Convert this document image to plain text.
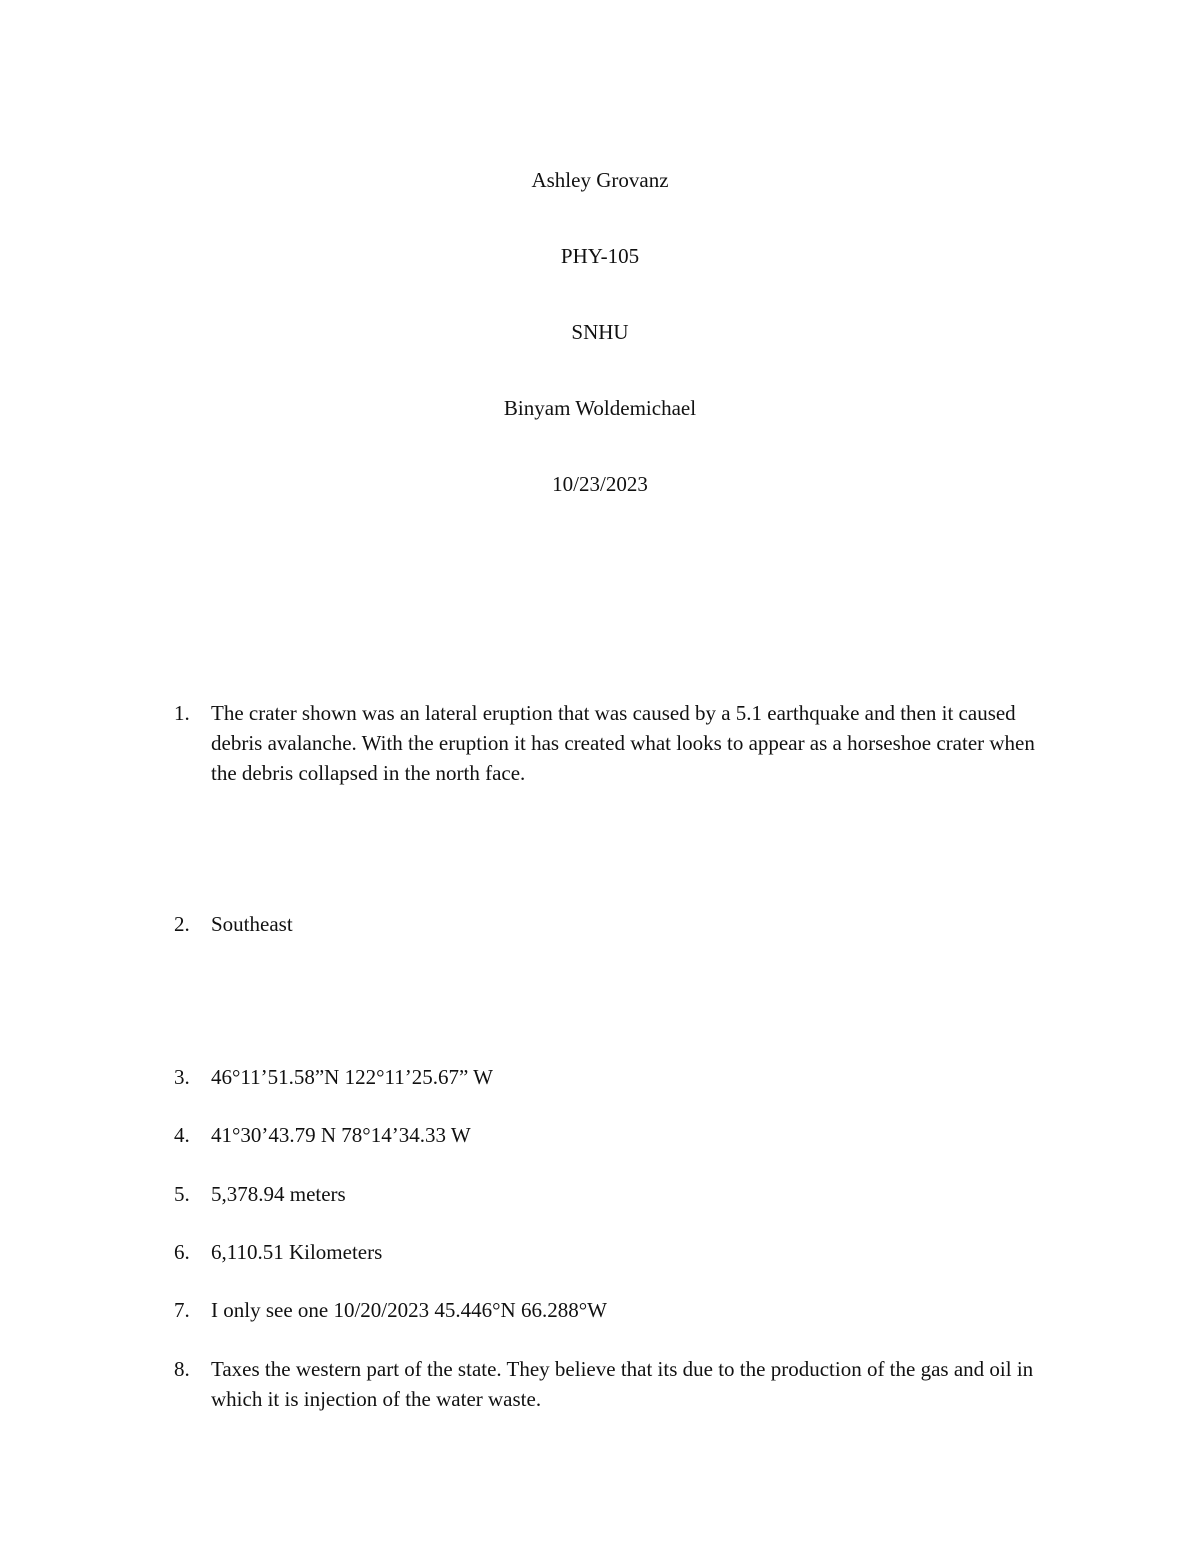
Ashley Grovanz
PHY-105
SNHU
Binyam Woldemichael
10/23/2023
1.	The crater shown was an lateral eruption that was caused by a 5.1 earthquake and then it caused debris avalanche. With the eruption it has created what looks to appear as a horseshoe crater when the debris collapsed in the north face.
2.	Southeast
3.	46°11’51.58”N 122°11’25.67” W
4.	41°30’43.79 N 78°14’34.33 W
5.	5,378.94 meters
6.	6,110.51 Kilometers
7.	I only see one 10/20/2023 45.446°N 66.288°W
8.	Taxes the western part of the state. They believe that its due to the production of the gas and oil in which it is injection of the water waste.
